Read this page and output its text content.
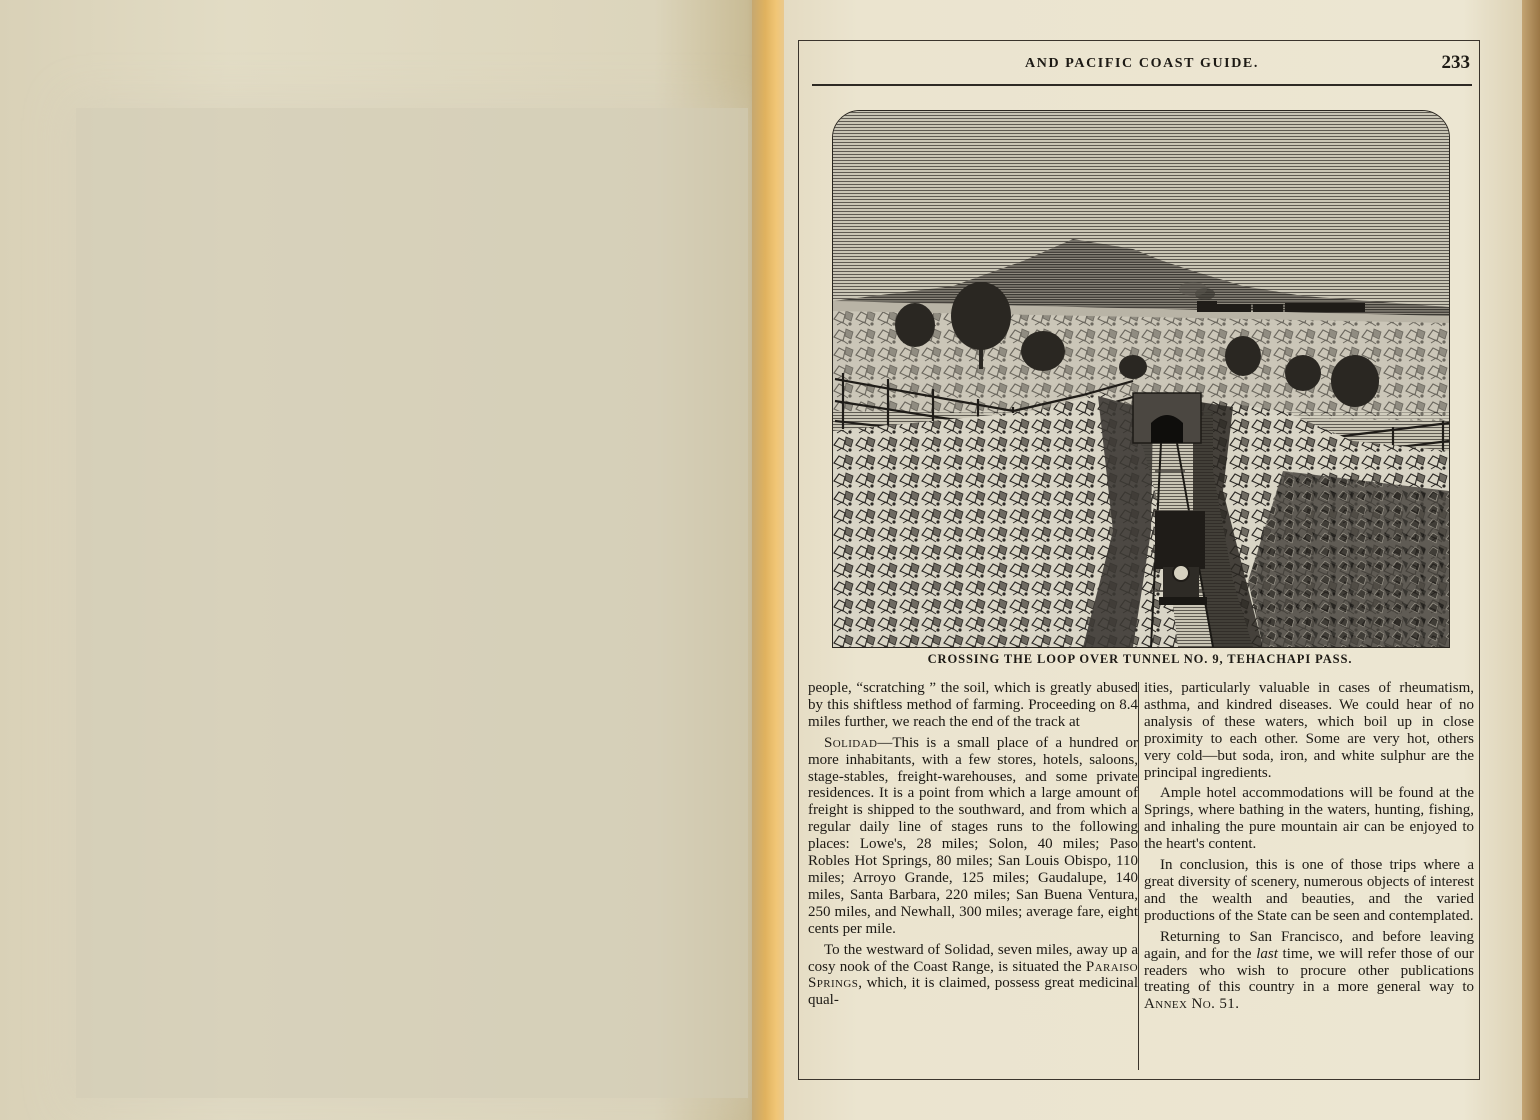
AND PACIFIC COAST GUIDE.	233
CROSSING THE LOOP OVER TUNNEL NO. 9, TEHACHAPI PASS.

people, “scratching ” the soil, which is greatly abused by this shiftless method of farming. Proceeding on 8.4 miles further, we reach the end of the track at

Solidad—This is a small place of a hundred or more inhabitants, with a few stores, hotels, saloons, stage-stables, freight-warehouses, and some private residences. It is a point from which a large amount of freight is shipped to the southward, and from which a regular daily line of stages runs to the following places: Lowe's, 28 miles; Solon, 40 miles; Paso Robles Hot Springs, 80 miles; San Louis Obispo, 110 miles; Arroyo Grande, 125 miles; Gaudalupe, 140 miles, Santa Barbara, 220 miles; San Buena Ventura, 250 miles, and Newhall, 300 miles; average fare, eight cents per mile.

To the westward of Solidad, seven miles, away up a cosy nook of the Coast Range, is situated the Paraiso Springs, which, it is claimed, possess great medicinal qual-

ities, particularly valuable in cases of rheumatism, asthma, and kindred diseases. We could hear of no analysis of these waters, which boil up in close proximity to each other. Some are very hot, others very cold—but soda, iron, and white sulphur are the principal ingredients.

Ample hotel accommodations will be found at the Springs, where bathing in the waters, hunting, fishing, and inhaling the pure mountain air can be enjoyed to the heart's content.

In conclusion, this is one of those trips where a great diversity of scenery, numerous objects of interest and the wealth and beauties, and the varied productions of the State can be seen and contemplated.

Returning to San Francisco, and before leaving again, and for the last time, we will refer those of our readers who wish to procure other publications treating of this country in a more general way to Annex No. 51.
